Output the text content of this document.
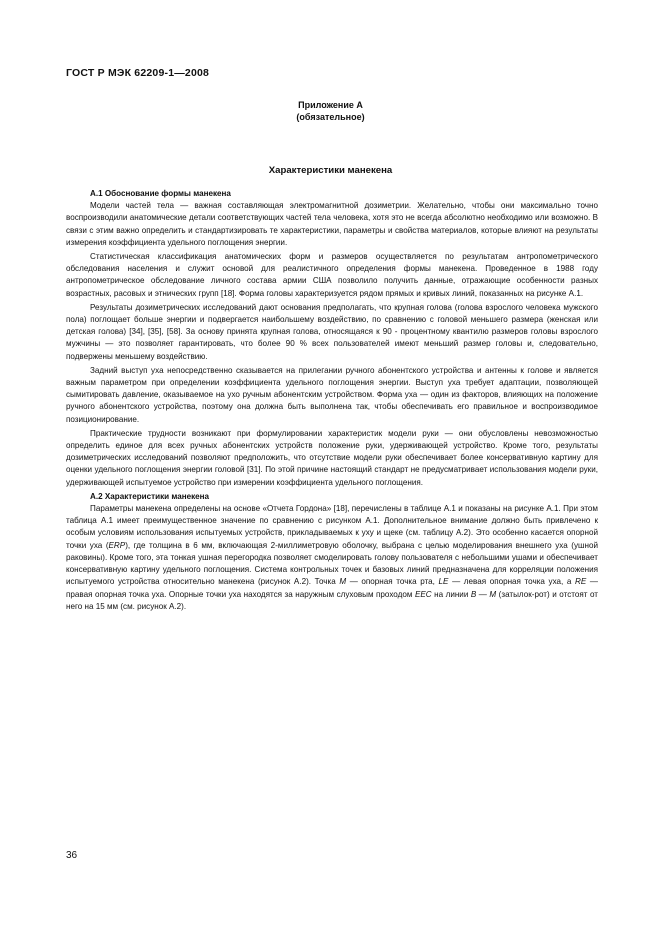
ГОСТ Р МЭК 62209-1—2008
Приложение А
(обязательное)
Характеристики манекена
А.1 Обоснование формы манекена

Модели частей тела — важная составляющая электромагнитной дозиметрии. Желательно, чтобы они максимально точно воспроизводили анатомические детали соответствующих частей тела человека, хотя это не всегда абсолютно необходимо или возможно. В связи с этим важно определить и стандартизировать те характеристики, параметры и свойства материалов, которые влияют на результаты измерения коэффициента удельного поглощения энергии.

Статистическая классификация анатомических форм и размеров осуществляется по результатам антропометрического обследования населения и служит основой для реалистичного определения формы манекена. Проведенное в 1988 году антропометрическое обследование личного состава армии США позволило получить данные, отражающие особенности разных возрастных, расовых и этнических групп [18]. Форма головы характеризуется рядом прямых и кривых линий, показанных на рисунке А.1.

Результаты дозиметрических исследований дают основания предполагать, что крупная голова (голова взрослого человека мужского пола) поглощает больше энергии и подвергается наибольшему воздействию, по сравнению с головой меньшего размера (женская или детская голова) [34], [35], [58]. За основу принята крупная голова, относящаяся к 90 - процентному квантилю размеров головы взрослого мужчины — это позволяет гарантировать, что более 90 % всех пользователей имеют меньший размер головы и, следовательно, подвержены меньшему воздействию.

Задний выступ уха непосредственно сказывается на прилегании ручного абонентского устройства и антенны к голове и является важным параметром при определении коэффициента удельного поглощения энергии. Выступ уха требует адаптации, позволяющей сымитировать давление, оказываемое на ухо ручным абонентским устройством. Форма уха — один из факторов, влияющих на положение ручного абонентского устройства, поэтому она должна быть выполнена так, чтобы обеспечивать его правильное и воспроизводимое позиционирование.

Практические трудности возникают при формулировании характеристик модели руки — они обусловлены невозможностью определить единое для всех ручных абонентских устройств положение руки, удерживающей устройство. Кроме того, результаты дозиметрических исследований позволяют предположить, что отсутствие модели руки обеспечивает более консервативную картину для оценки удельного поглощения энергии головой [31]. По этой причине настоящий стандарт не предусматривает использования модели руки, удерживающей испытуемое устройство при измерении коэффициента удельного поглощения.

А.2 Характеристики манекена

Параметры манекена определены на основе «Отчета Гордона» [18], перечислены в таблице А.1 и показаны на рисунке А.1. При этом таблица А.1 имеет преимущественное значение по сравнению с рисунком А.1. Дополнительное внимание должно быть привлечено к особым условиям использования испытуемых устройств, прикладываемых к уху и щеке (см. таблицу А.2). Это особенно касается опорной точки уха (ERP), где толщина в 6 мм, включающая 2-миллиметровую оболочку, выбрана с целью моделирования внешнего уха (ушной раковины). Кроме того, эта тонкая ушная перегородка позволяет смоделировать голову пользователя с небольшими ушами и обеспечивает консервативную картину удельного поглощения. Система контрольных точек и базовых линий предназначена для корреляции положения испытуемого устройства относительно манекена (рисунок А.2). Точка М — опорная точка рта, LE — левая опорная точка уха, а RE — правая опорная точка уха. Опорные точки уха находятся за наружным слуховым проходом EEC на линии В — М (затылок-рот) и отстоят от него на 15 мм (см. рисунок А.2).

36
